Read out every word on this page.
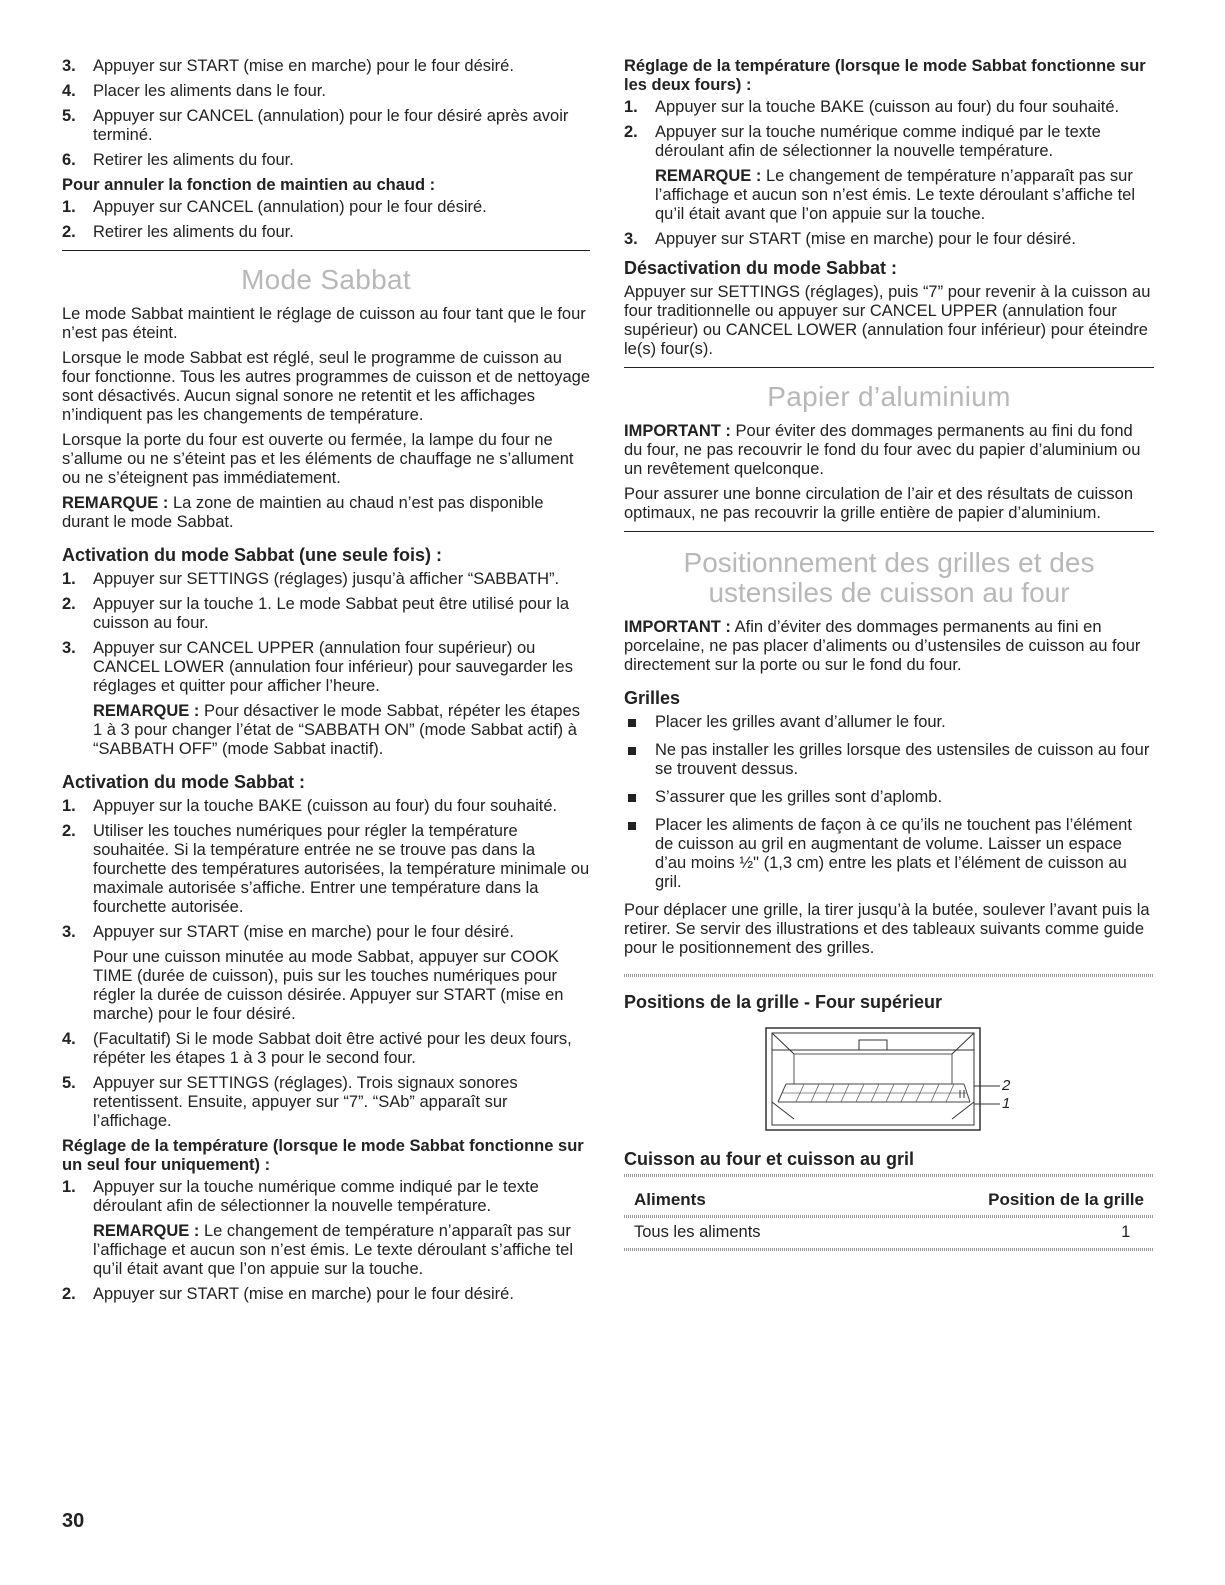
3. Appuyer sur START (mise en marche) pour le four désiré.
4. Placer les aliments dans le four.
5. Appuyer sur CANCEL (annulation) pour le four désiré après avoir terminé.
6. Retirer les aliments du four.
Pour annuler la fonction de maintien au chaud :
1. Appuyer sur CANCEL (annulation) pour le four désiré.
2. Retirer les aliments du four.
Mode Sabbat

Le mode Sabbat maintient le réglage de cuisson au four tant que le four n’est pas éteint.

Lorsque le mode Sabbat est réglé, seul le programme de cuisson au four fonctionne. Tous les autres programmes de cuisson et de nettoyage sont désactivés. Aucun signal sonore ne retentit et les affichages n’indiquent pas les changements de température.

Lorsque la porte du four est ouverte ou fermée, la lampe du four ne s’allume ou ne s’éteint pas et les éléments de chauffage ne s’allument ou ne s’éteignent pas immédiatement.

REMARQUE : La zone de maintien au chaud n’est pas disponible durant le mode Sabbat.

Activation du mode Sabbat (une seule fois) :
1. Appuyer sur SETTINGS (réglages) jusqu’à afficher “SABBATH”.
2. Appuyer sur la touche 1. Le mode Sabbat peut être utilisé pour la cuisson au four.
3. Appuyer sur CANCEL UPPER (annulation four supérieur) ou CANCEL LOWER (annulation four inférieur) pour sauvegarder les réglages et quitter pour afficher l’heure.
REMARQUE : Pour désactiver le mode Sabbat, répéter les étapes 1 à 3 pour changer l’état de “SABBATH ON” (mode Sabbat actif) à “SABBATH OFF” (mode Sabbat inactif).
Activation du mode Sabbat :
1. Appuyer sur la touche BAKE (cuisson au four) du four souhaité.
2. Utiliser les touches numériques pour régler la température souhaitée. Si la température entrée ne se trouve pas dans la fourchette des températures autorisées, la température minimale ou maximale autorisée s’affiche. Entrer une température dans la fourchette autorisée.
3. Appuyer sur START (mise en marche) pour le four désiré.
Pour une cuisson minutée au mode Sabbat, appuyer sur COOK TIME (durée de cuisson), puis sur les touches numériques pour régler la durée de cuisson désirée. Appuyer sur START (mise en marche) pour le four désiré.
4. (Facultatif) Si le mode Sabbat doit être activé pour les deux fours, répéter les étapes 1 à 3 pour le second four.
5. Appuyer sur SETTINGS (réglages). Trois signaux sonores retentissent. Ensuite, appuyer sur “7”. “SAb” apparaît sur l’affichage.
Réglage de la température (lorsque le mode Sabbat fonctionne sur un seul four uniquement) :
1. Appuyer sur la touche numérique comme indiqué par le texte déroulant afin de sélectionner la nouvelle température.
REMARQUE : Le changement de température n’apparaît pas sur l’affichage et aucun son n’est émis. Le texte déroulant s’affiche tel qu’il était avant que l’on appuie sur la touche.
2. Appuyer sur START (mise en marche) pour le four désiré.
Réglage de la température (lorsque le mode Sabbat fonctionne sur les deux fours) :
1. Appuyer sur la touche BAKE (cuisson au four) du four souhaité.
2. Appuyer sur la touche numérique comme indiqué par le texte déroulant afin de sélectionner la nouvelle température.
REMARQUE : Le changement de température n’apparaît pas sur l’affichage et aucun son n’est émis. Le texte déroulant s’affiche tel qu’il était avant que l’on appuie sur la touche.
3. Appuyer sur START (mise en marche) pour le four désiré.
Désactivation du mode Sabbat :

Appuyer sur SETTINGS (réglages), puis “7” pour revenir à la cuisson au four traditionnelle ou appuyer sur CANCEL UPPER (annulation four supérieur) ou CANCEL LOWER (annulation four inférieur) pour éteindre le(s) four(s).

Papier d’aluminium

IMPORTANT : Pour éviter des dommages permanents au fini du fond du four, ne pas recouvrir le fond du four avec du papier d’aluminium ou un revêtement quelconque.

Pour assurer une bonne circulation de l’air et des résultats de cuisson optimaux, ne pas recouvrir la grille entière de papier d’aluminium.

Positionnement des grilles et des
ustensiles de cuisson au four

IMPORTANT : Afin d’éviter des dommages permanents au fini en porcelaine, ne pas placer d’aliments ou d’ustensiles de cuisson au four directement sur la porte ou sur le fond du four.

Grilles
Placer les grilles avant d’allumer le four.
Ne pas installer les grilles lorsque des ustensiles de cuisson au four se trouvent dessus.
S’assurer que les grilles sont d’aplomb.
Placer les aliments de façon à ce qu’ils ne touchent pas l’élément de cuisson au gril en augmentant de volume. Laisser un espace d’au moins ½" (1,3 cm) entre les plats et l’élément de cuisson au gril.

Pour déplacer une grille, la tirer jusqu’à la butée, soulever l’avant puis la retirer. Se servir des illustrations et des tableaux suivants comme guide pour le positionnement des grilles.

Positions de la grille - Four supérieur
2
1
Cuisson au four et cuisson au gril
Aliments	Position de la grille

Tous les aliments	1

30
